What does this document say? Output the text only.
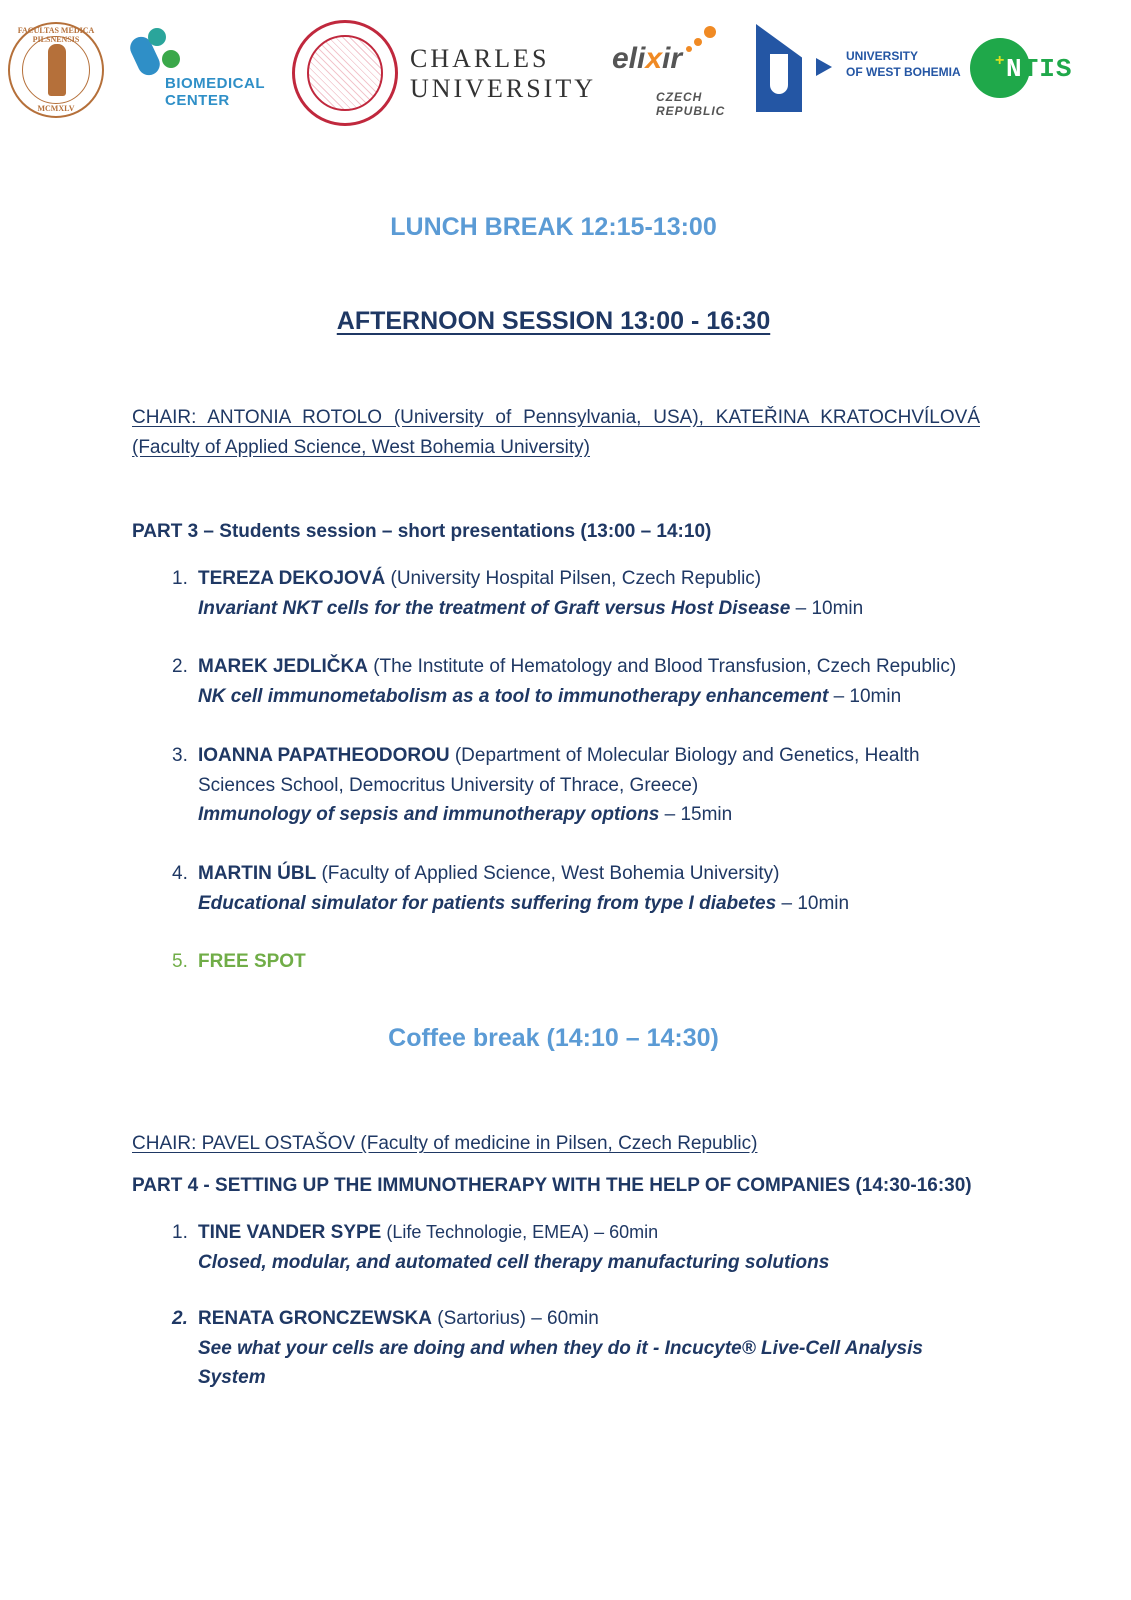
FACULTAS MEDICA PILSNENSIS
MCMXLV
BIOMEDICAL
CENTER
CHARLES
UNIVERSITY
elixir
CZECH
REPUBLIC
UNIVERSITY
OF WEST BOHEMIA
+ NTIS
LUNCH BREAK 12:15-13:00
AFTERNOON SESSION 13:00 - 16:30
CHAIR: ANTONIA ROTOLO (University of Pennsylvania, USA), KATEŘINA KRATOCHVÍLOVÁ (Faculty of Applied Science, West Bohemia University)
PART 3 – Students session – short presentations (13:00 – 14:10)
1. TEREZA DEKOJOVÁ (University Hospital Pilsen, Czech Republic)
Invariant NKT cells for the treatment of Graft versus Host Disease – 10min
2. MAREK JEDLIČKA (The Institute of Hematology and Blood Transfusion, Czech Republic)
NK cell immunometabolism as a tool to immunotherapy enhancement – 10min
3. IOANNA PAPATHEODOROU (Department of Molecular Biology and Genetics, Health Sciences School, Democritus University of Thrace, Greece)
Immunology of sepsis and immunotherapy options – 15min
4. MARTIN ÚBL (Faculty of Applied Science, West Bohemia University)
Educational simulator for patients suffering from type I diabetes – 10min
5. FREE SPOT
Coffee break (14:10 – 14:30)
CHAIR: PAVEL OSTAŠOV (Faculty of medicine in Pilsen, Czech Republic)
PART 4 - SETTING UP THE IMMUNOTHERAPY WITH THE HELP OF COMPANIES (14:30-16:30)
1. TINE VANDER SYPE (Life Technologie, EMEA) – 60min
Closed, modular, and automated cell therapy manufacturing solutions
2. RENATA GRONCZEWSKA (Sartorius) – 60min
See what your cells are doing and when they do it - Incucyte® Live-Cell Analysis System
